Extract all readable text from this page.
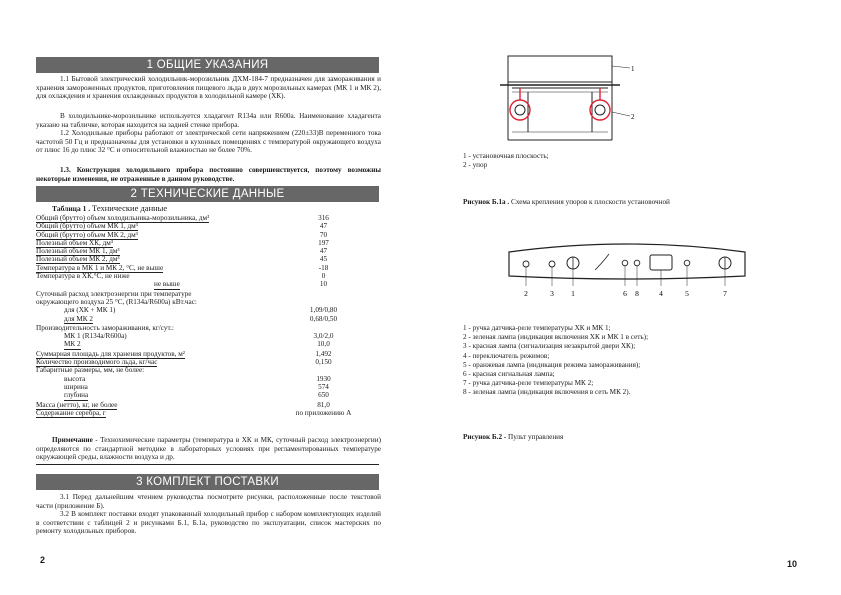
1 ОБЩИЕ УКАЗАНИЯ
1.1 Бытовой электрический холодильник-морозильник ДХМ-184-7 предназначен для замораживания и хранения замороженных продуктов, приготовления пищевого льда в двух морозильных камерах (МК 1 и МК 2), для охлаждения и хранения охлажденных продуктов в холодильной камере (ХК).
В холодильнике-морозильнике используется хладагент R134a или R600a. Наименование хладагента указано на табличке, которая находится на задней стенке прибора.
1.2 Холодильные приборы работают от электрической сети напряжением (220±33)В переменного тока частотой 50 Гц и предназначены для установки в кухонных помещениях с температурой окружающего воздуха от плюс 16 до плюс 32 °С и относительной влажностью не более 70%.
1.3. Конструкция холодильного прибора постоянно совершенствуется, поэтому возможны некоторые изменения, не отраженные в данном руководстве.
2 ТЕХНИЧЕСКИЕ ДАННЫЕ
Таблица 1 . Технические данные
Общий (брутто) объем холодильника-морозильника, дм³	316
Общий (брутто) объем МК 1, дм³	47
Общий (брутто) объем МК 2, дм³	70
Полезный объем ХК, дм³	197
Полезный объем МК 1, дм³	47
Полезный объем МК 2, дм³	45
Температура в МК 1 и МК 2, °С, не выше	-18
Температура в ХК,°С, не ниже	0
не выше	10
Суточный расход электроэнергии при температуре	
окружающего воздуха 25 °С, (R134a/R600a) кВт.час:	
для (ХК + МК 1)	1,09/0,80
для МК 2	0,68/0,50
Производительность замораживания, кг/сут.:	
МК 1 (R134a/R600a)	3,0/2,0
МК 2	10,0
Суммарная площадь для хранения продуктов, м²	1,492
Количество производимого льда, кг/час	0,150
Габаритные размеры, мм, не более:	
высота	1930
ширина	574
глубина	650
Масса (нетто), кг, не более	81,0
Содержание серебра, г	по приложению А
Примечание - Технохимические параметры (температура в ХК и МК, суточный расход электроэнергии) определяются по стандартной методике в лабораторных условиях при регламентированных температуре окружающей среды, влажности воздуха и др.
3 КОМПЛЕКТ ПОСТАВКИ
3.1 Перед дальнейшим чтением руководства посмотрите рисунки, расположенные после текстовой части (приложение Б).
3.2 В комплект поставки входят упакованный холодильный прибор с набором комплектующих изделий в соответствии с таблицей 2 и рисунками Б.1, Б.1а, руководство по эксплуатации, список мастерских по ремонту холодильных приборов.
2
1
2
1 - установочная плоскость;
2 - упор
Рисунок Б.1а . Схема крепления упоров к плоскости установочной
2	3 1	6 8	4	5	7
1 - ручка датчика-реле температуры ХК и МК 1;
2 - зеленая лампа (индикация включения ХК и МК 1 в сеть);
3 - красная лампа (сигнализация незакрытой двери ХК);
4 - переключатель режимов;
5 - оранжевая лампа (индикация режима замораживания);
6 - красная сигнальная лампа;
7 - ручка датчика-реле температуры МК 2;
8 - зеленая лампа (индикация включения в сеть МК 2).
Рисунок Б.2 - Пульт управления
10
